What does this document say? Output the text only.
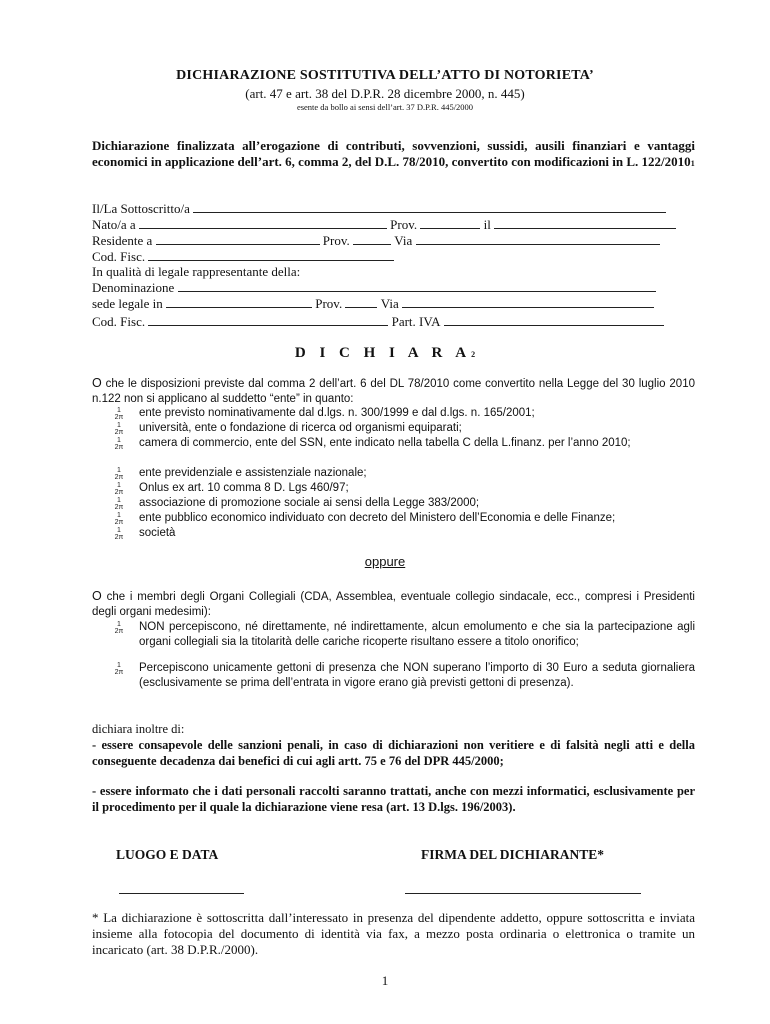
DICHIARAZIONE SOSTITUTIVA DELL’ATTO DI NOTORIETA’
(art. 47 e art. 38 del D.P.R. 28 dicembre 2000, n. 445)
esente da bollo ai sensi dell’art. 37 D.P.R. 445/2000
Dichiarazione finalizzata all’erogazione di contributi, sovvenzioni, sussidi, ausili finanziari e vantaggi economici in applicazione dell’art. 6, comma 2, del D.L. 78/2010, convertito con modificazioni in L. 122/20101
Il/La Sottoscritto/a
Nato/a a	Prov.	il
Residente a	Prov.	Via
Cod. Fisc.
In qualità di legale rappresentante della:
Denominazione
sede legale in	Prov.	Via
Cod. Fisc.	Part. IVA
D I C H I A R A2
O che le disposizioni previste dal comma 2 dell’art. 6 del DL 78/2010 come convertito nella Legge del 30 luglio 2010 n.122 non si applicano al suddetto “ente” in quanto:
1
2π ente previsto nominativamente dal d.lgs. n. 300/1999 e dal d.lgs. n. 165/2001;
1
2π università, ente o fondazione di ricerca od organismi equiparati;
1
2π camera di commercio, ente del SSN, ente indicato nella tabella C della L.finanz. per l’anno 2010;
1
2π ente previdenziale e assistenziale nazionale;
1
2π Onlus ex art. 10 comma 8 D. Lgs 460/97;
1
2π associazione di promozione sociale ai sensi della Legge 383/2000;
1
2π ente pubblico economico individuato con decreto del Ministero dell’Economia e delle Finanze;
1
2π società
oppure
O che i membri degli Organi Collegiali (CDA, Assemblea, eventuale collegio sindacale, ecc., compresi i Presidenti degli organi medesimi):
1
2π NON percepiscono, né direttamente, né indirettamente, alcun emolumento e che sia la partecipazione agli organi collegiali sia la titolarità delle cariche ricoperte risultano essere a titolo onorifico;
1
2π Percepiscono unicamente gettoni di presenza che NON superano l’importo di 30 Euro a seduta giornaliera (esclusivamente se prima dell’entrata in vigore erano già previsti gettoni di presenza).
dichiara inoltre di:
- essere consapevole delle sanzioni penali, in caso di dichiarazioni non veritiere e di falsità negli atti e della conseguente decadenza dai benefici di cui agli artt. 75 e 76 del DPR 445/2000;
- essere informato che i dati personali raccolti saranno trattati, anche con mezzi informatici, esclusivamente per il procedimento per il quale la dichiarazione viene resa (art. 13 D.lgs. 196/2003).
LUOGO E DATA	FIRMA DEL DICHIARANTE*
* La dichiarazione è sottoscritta dall’interessato in presenza del dipendente addetto, oppure sottoscritta e inviata insieme alla fotocopia del documento di identità via fax, a mezzo posta ordinaria o elettronica o tramite un incaricato (art. 38 D.P.R./2000).
1
